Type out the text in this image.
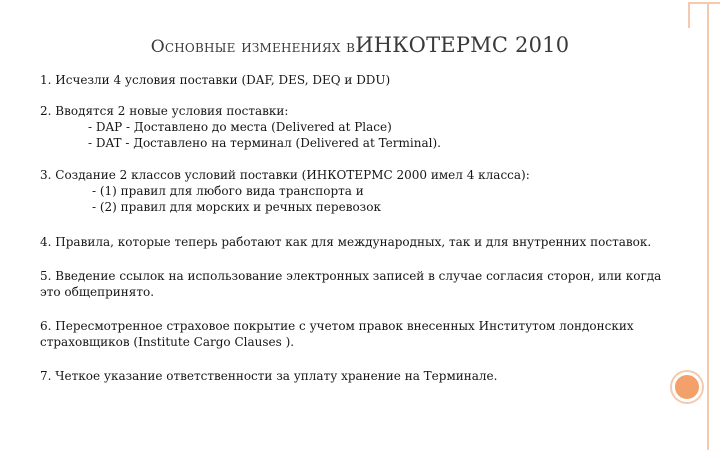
Основные изменениях вИНКОТЕРМС 2010

1. Исчезли 4 условия поставки (DAF, DES, DEQ и DDU)

2. Вводятся 2 новые условия поставки:
- DAP - Доставлено до места (Delivered at Place)
- DAT - Доставлено на терминал (Delivered at Terminal).
3. Создание 2 классов условий поставки (ИНКОТЕРМС 2000 имел 4 класса):
- (1) правил для любого вида транспорта и
- (2) правил для морских и речных перевозок

4. Правила, которые теперь работают как для международных, так и для внутренних поставок.

5. Введение ссылок на использование электронных записей в случае согласия сторон, или когда это общепринято.

6. Пересмотренное страховое покрытие с учетом правок внесенных Институтом лондонских страховщиков (Institute Cargo Clauses ).

7. Четкое указание ответственности за уплату хранение на Терминале.
